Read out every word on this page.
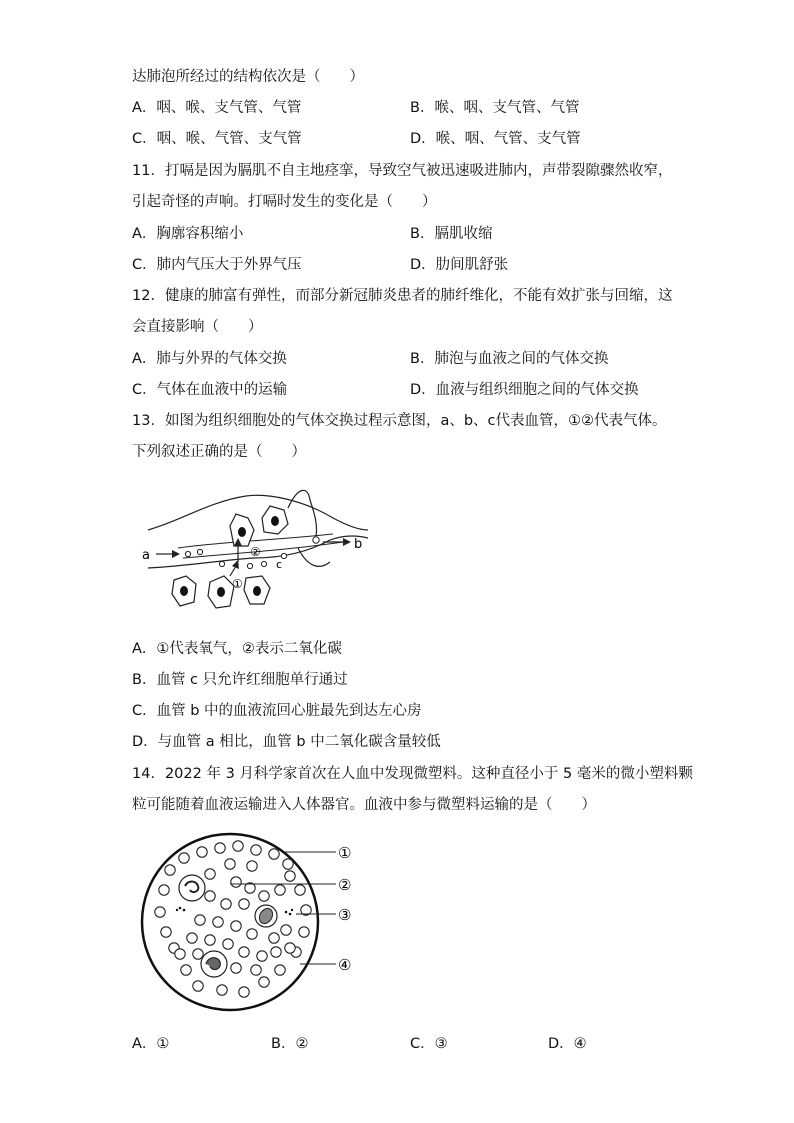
达肺泡所经过的结构依次是（　　）
A．咽、喉、支气管、气管	B．喉、咽、支气管、气管
C．咽、喉、气管、支气管	D．喉、咽、气管、支气管
11．打嗝是因为膈肌不自主地痉挛，导致空气被迅速吸进肺内，声带裂隙骤然收窄，
引起奇怪的声响。打嗝时发生的变化是（　　）
A．胸廓容积缩小	B．膈肌收缩
C．肺内气压大于外界气压	D．肋间肌舒张
12．健康的肺富有弹性，而部分新冠肺炎患者的肺纤维化，不能有效扩张与回缩，这
会直接影响（　　）
A．肺与外界的气体交换	B．肺泡与血液之间的气体交换
C．气体在血液中的运输	D．血液与组织细胞之间的气体交换
13．如图为组织细胞处的气体交换过程示意图，a、b、c代表血管，①②代表气体。
下列叙述正确的是（　　）
a
b
c
②
①
A．①代表氧气，②表示二氧化碳
B．血管 c 只允许红细胞单行通过
C．血管 b 中的血液流回心脏最先到达左心房
D．与血管 a 相比，血管 b 中二氧化碳含量较低
14．2022 年 3 月科学家首次在人血中发现微塑料。这种直径小于 5 毫米的微小塑料颗
粒可能随着血液运输进入人体器官。血液中参与微塑料运输的是（　　）
①
②
③
④
A．①	B．②	C．③	D．④
